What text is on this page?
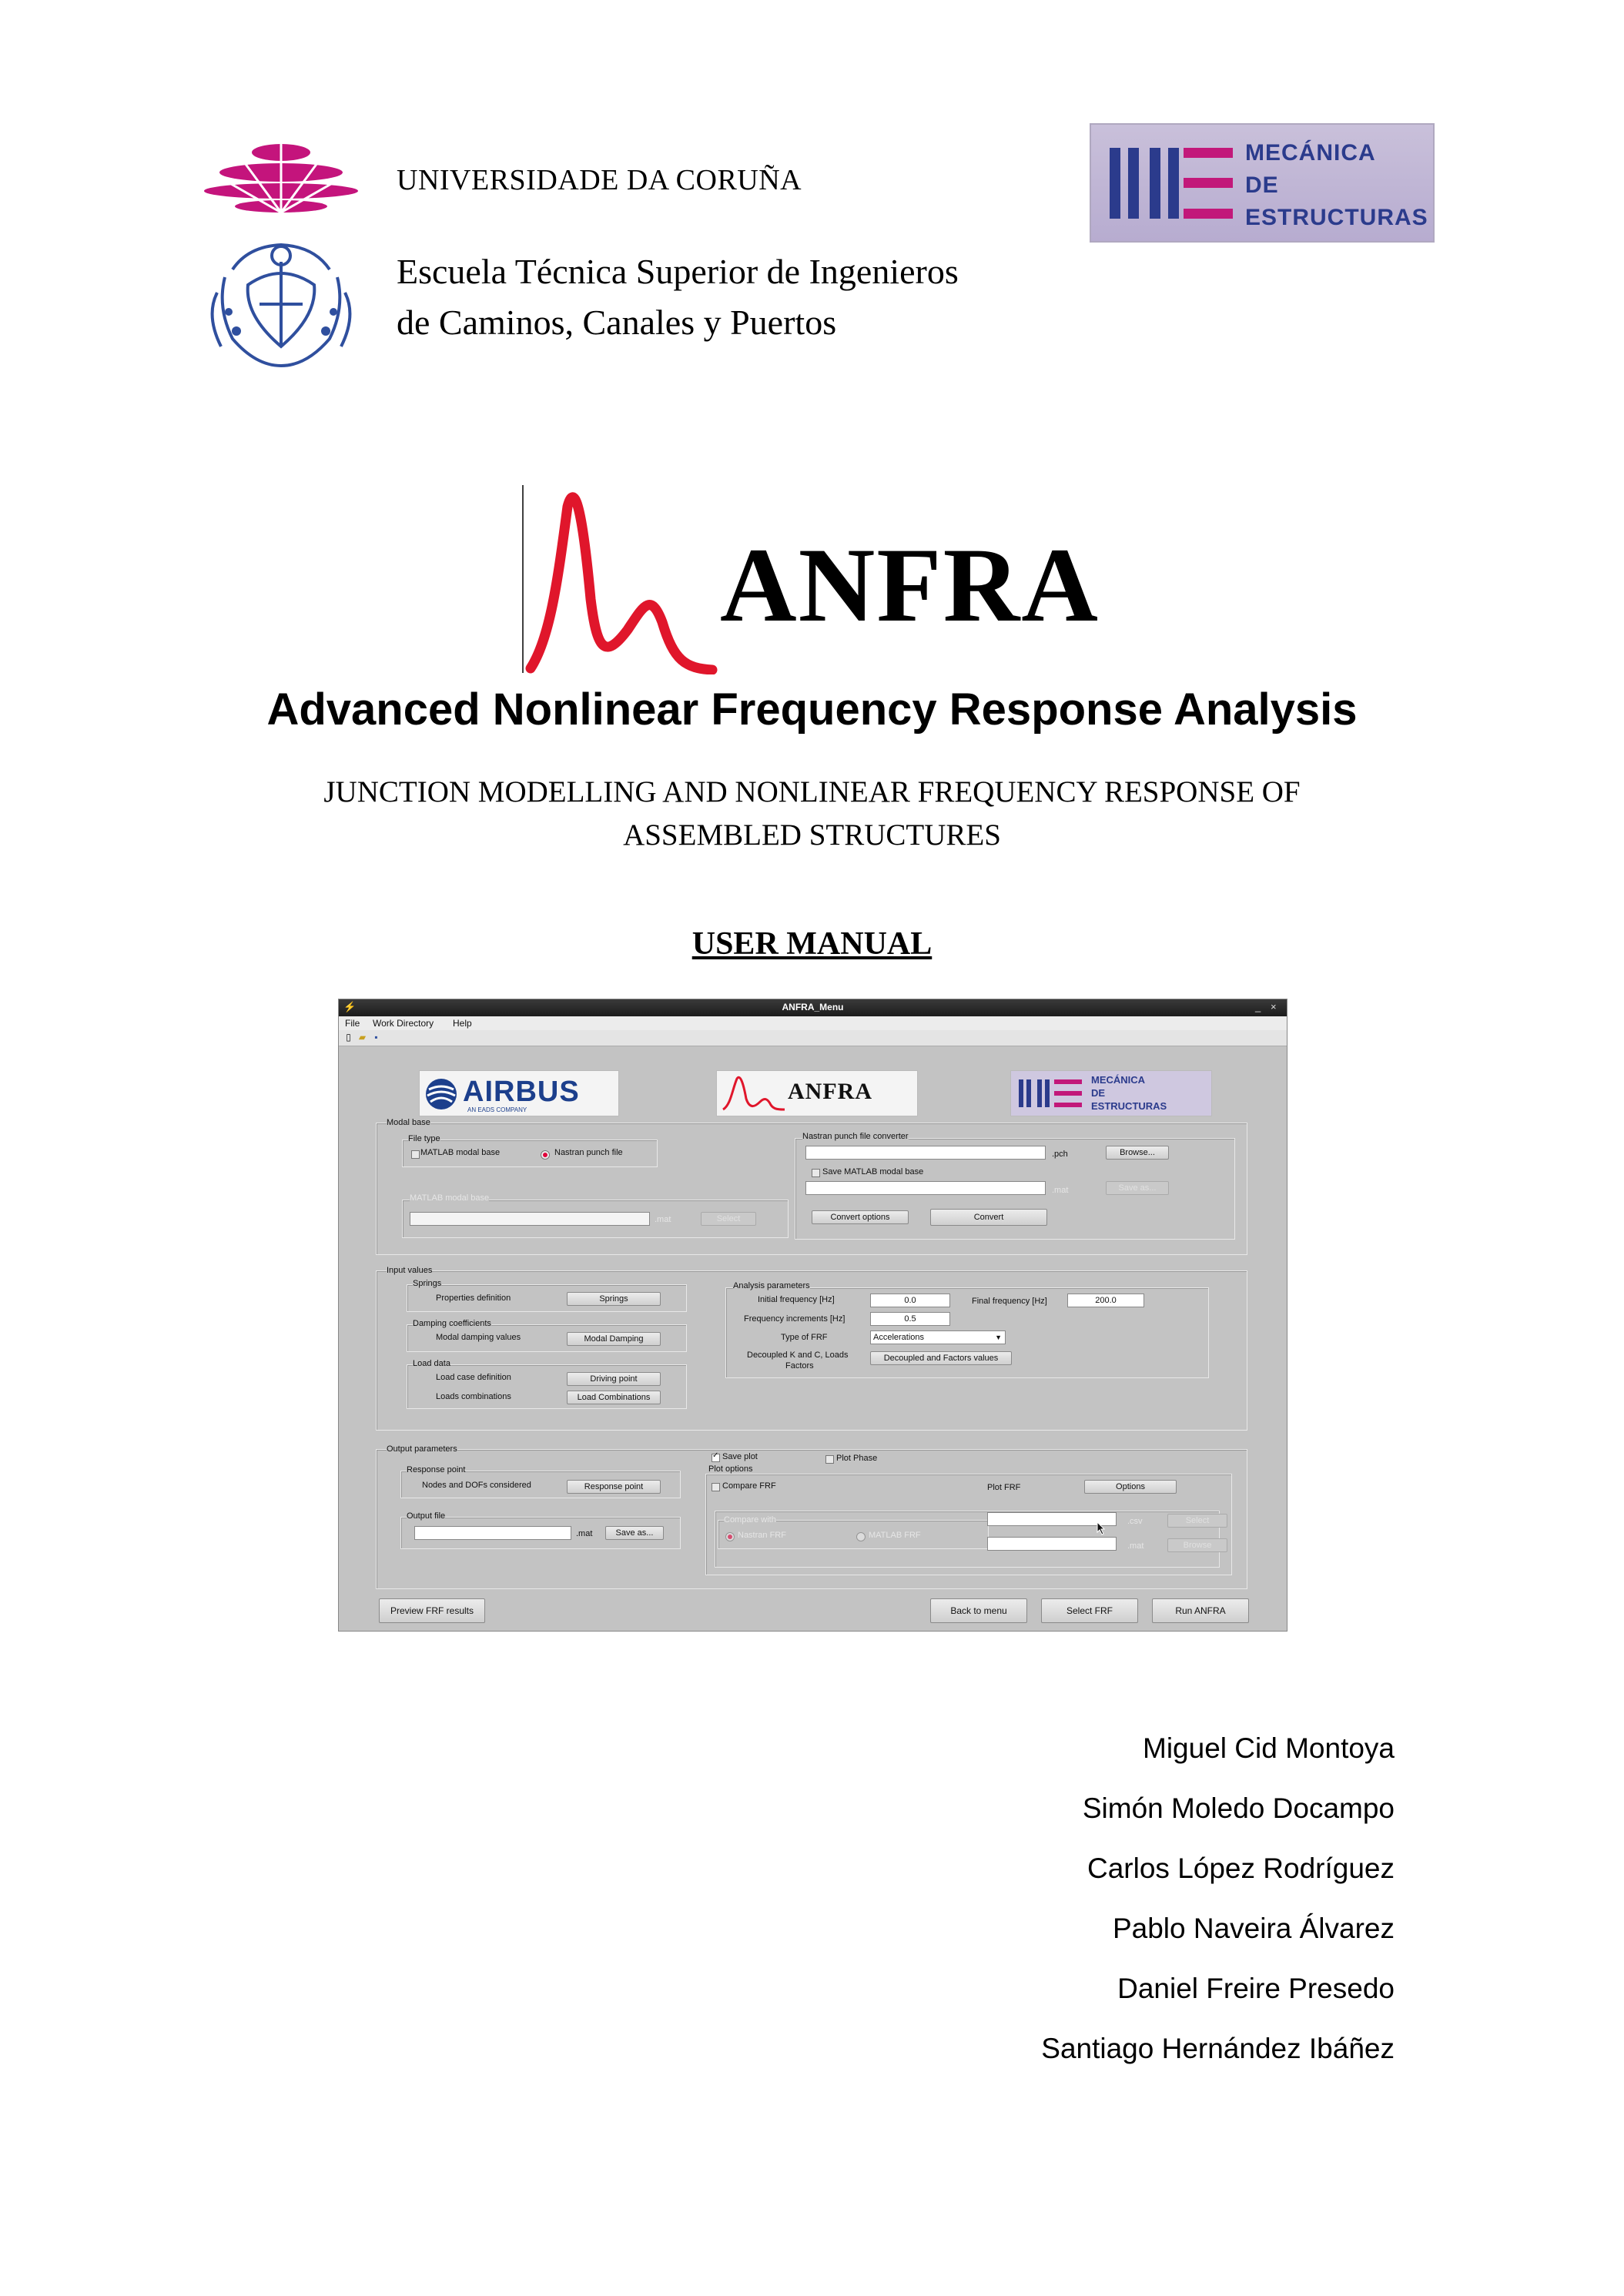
UNIVERSIDADE DA CORUÑA
Escuela Técnica Superior de Ingenieros
de Caminos, Canales y Puertos
MECÁNICA
DE
ESTRUCTURAS
ANFRA
Advanced Nonlinear Frequency Response Analysis
JUNCTION MODELLING AND NONLINEAR FREQUENCY RESPONSE OF
ASSEMBLED STRUCTURES
USER MANUAL
ANFRA_Menu
⚡	_ ×
File Work Directory Help
▯ ▰ ▪
AIRBUS
AN EADS COMPANY
ANFRA	MECÁNICA
DE
ESTRUCTURAS
Modal base
File type
MATLAB modal base	Nastran punch file
MATLAB modal base
.mat	Select
Nastran punch file converter
.pch	Browse...
Save MATLAB modal base
.mat	Save as...
Convert options	Convert
Input values
Springs
Properties definition	Springs
Damping coefficients
Modal damping values	Modal Damping
Load data
Load case definition	Driving point
Loads combinations	Load Combinations
Analysis parameters
Initial frequency [Hz]	0.0	Final frequency [Hz]	200.0
Frequency increments [Hz]	0.5
Type of FRF	Accelerations	▼
Decoupled K and C, Loads
Factors
Decoupled and Factors values
Output parameters
✓ Save plot	Plot Phase
Response point
Nodes and DOFs considered	Response point
Output file
.mat	Save as...
Plot options
Compare FRF	Plot FRF	Options
Compare with
Nastran FRF	MATLAB FRF
.csv	Select
.mat	Browse
Preview FRF results	Back to menu	Select FRF	Run ANFRA
Miguel Cid Montoya
Simón Moledo Docampo
Carlos López Rodríguez
Pablo Naveira Álvarez
Daniel Freire Presedo
Santiago Hernández Ibáñez
